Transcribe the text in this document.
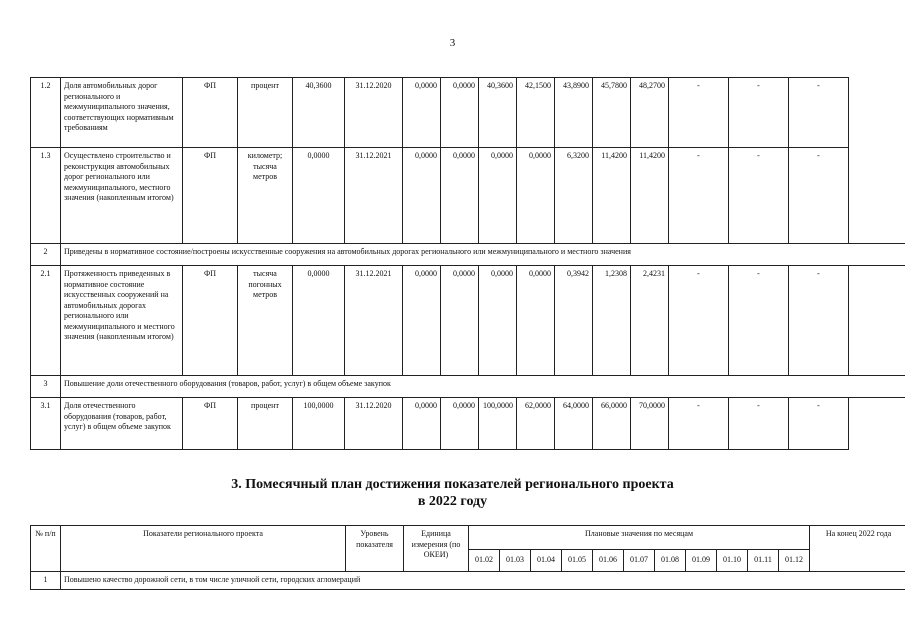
3
1.2	Доля автомобильных дорог регионального и межмуниципального значения, соответствующих нормативным требованиям	ФП	процент	40,3600	31.12.2020	0,0000	0,0000	40,3600	42,1500	43,8900	45,7800	48,2700	-	-	-
1.3	Осуществлено строительство и реконструкция автомобильных дорог регионального или межмуниципального, местного значения (накопленным итогом)	ФП	километр; тысяча метров	0,0000	31.12.2021	0,0000	0,0000	0,0000	0,0000	6,3200	11,4200	11,4200	-	-	-
2	Приведены в нормативное состояние/построены искусственные сооружения на автомобильных дорогах регионального или межмуниципального и местного значения														
2.1	Протяженность приведенных в нормативное состояние искусственных сооружений на автомобильных дорогах регионального или межмуниципального и местного значения (накопленным итогом)	ФП	тысяча погонных метров	0,0000	31.12.2021	0,0000	0,0000	0,0000	0,0000	0,3942	1,2308	2,4231	-	-	-
3	Повышение доли отечественного оборудования (товаров, работ, услуг) в общем объеме закупок														
3.1	Доля отечественного оборудования (товаров, работ, услуг) в общем объеме закупок	ФП	процент	100,0000	31.12.2020	0,0000	0,0000	100,0000	62,0000	64,0000	66,0000	70,0000	-	-	-
3. Помесячный план достижения показателей регионального проекта
в 2022 году
№ п/п	Показатели регионального проекта	Уровень показателя	Единица измерения (по ОКЕИ)	Плановые значения по месяцам											На конец 2022 года
				01.02	01.03	01.04	01.05	01.06	01.07	01.08	01.09	01.10	01.11	01.12	
1	Повышено качество дорожной сети, в том числе уличной сети, городских агломераций														
